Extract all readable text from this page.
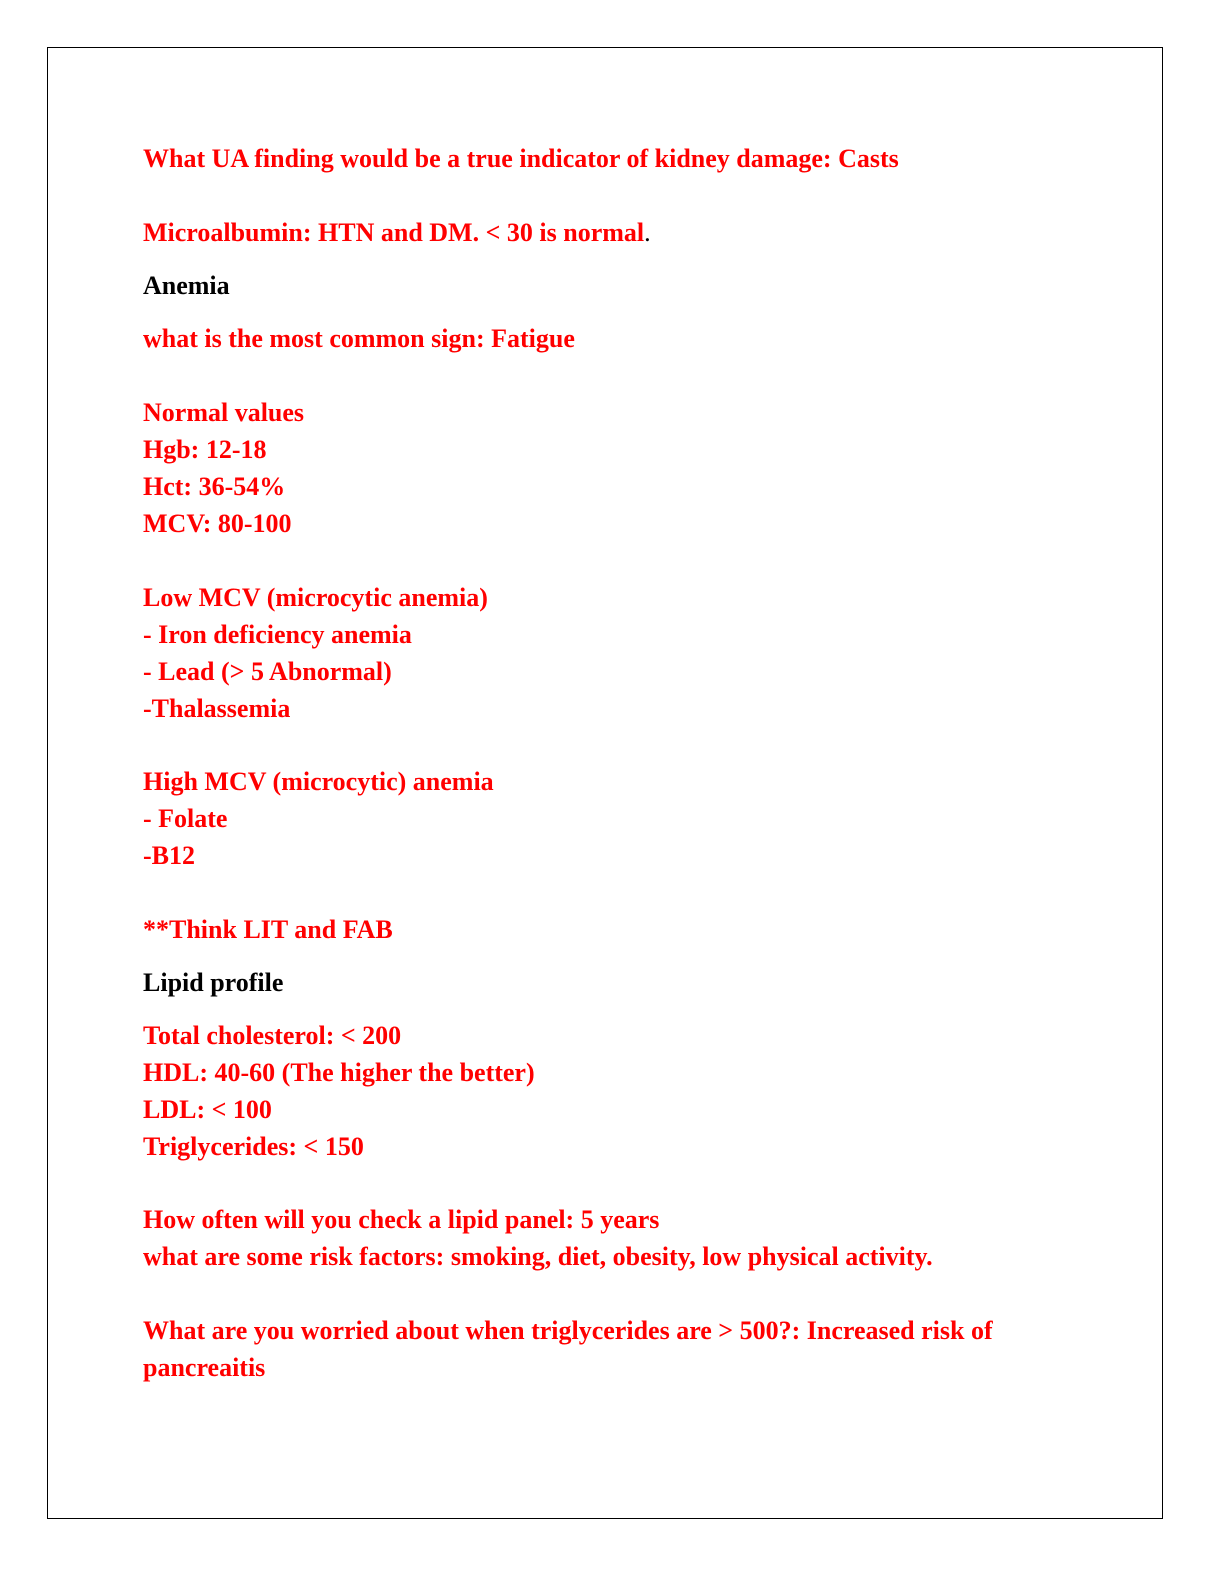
What UA finding would be a true indicator of kidney damage: Casts
Microalbumin: HTN and DM. < 30 is normal.
Anemia
what is the most common sign: Fatigue
Normal values
Hgb: 12-18
Hct: 36-54%
MCV: 80-100
Low MCV (microcytic anemia)
- Iron deficiency anemia
- Lead (> 5 Abnormal)
-Thalassemia
High MCV (microcytic) anemia
- Folate
-B12
**Think LIT and FAB
Lipid profile
Total cholesterol: < 200
HDL: 40-60 (The higher the better)
LDL: < 100
Triglycerides: < 150
How often will you check a lipid panel: 5 years
what are some risk factors: smoking, diet, obesity, low physical activity.
What are you worried about when triglycerides are > 500?: Increased risk of
pancreaitis
